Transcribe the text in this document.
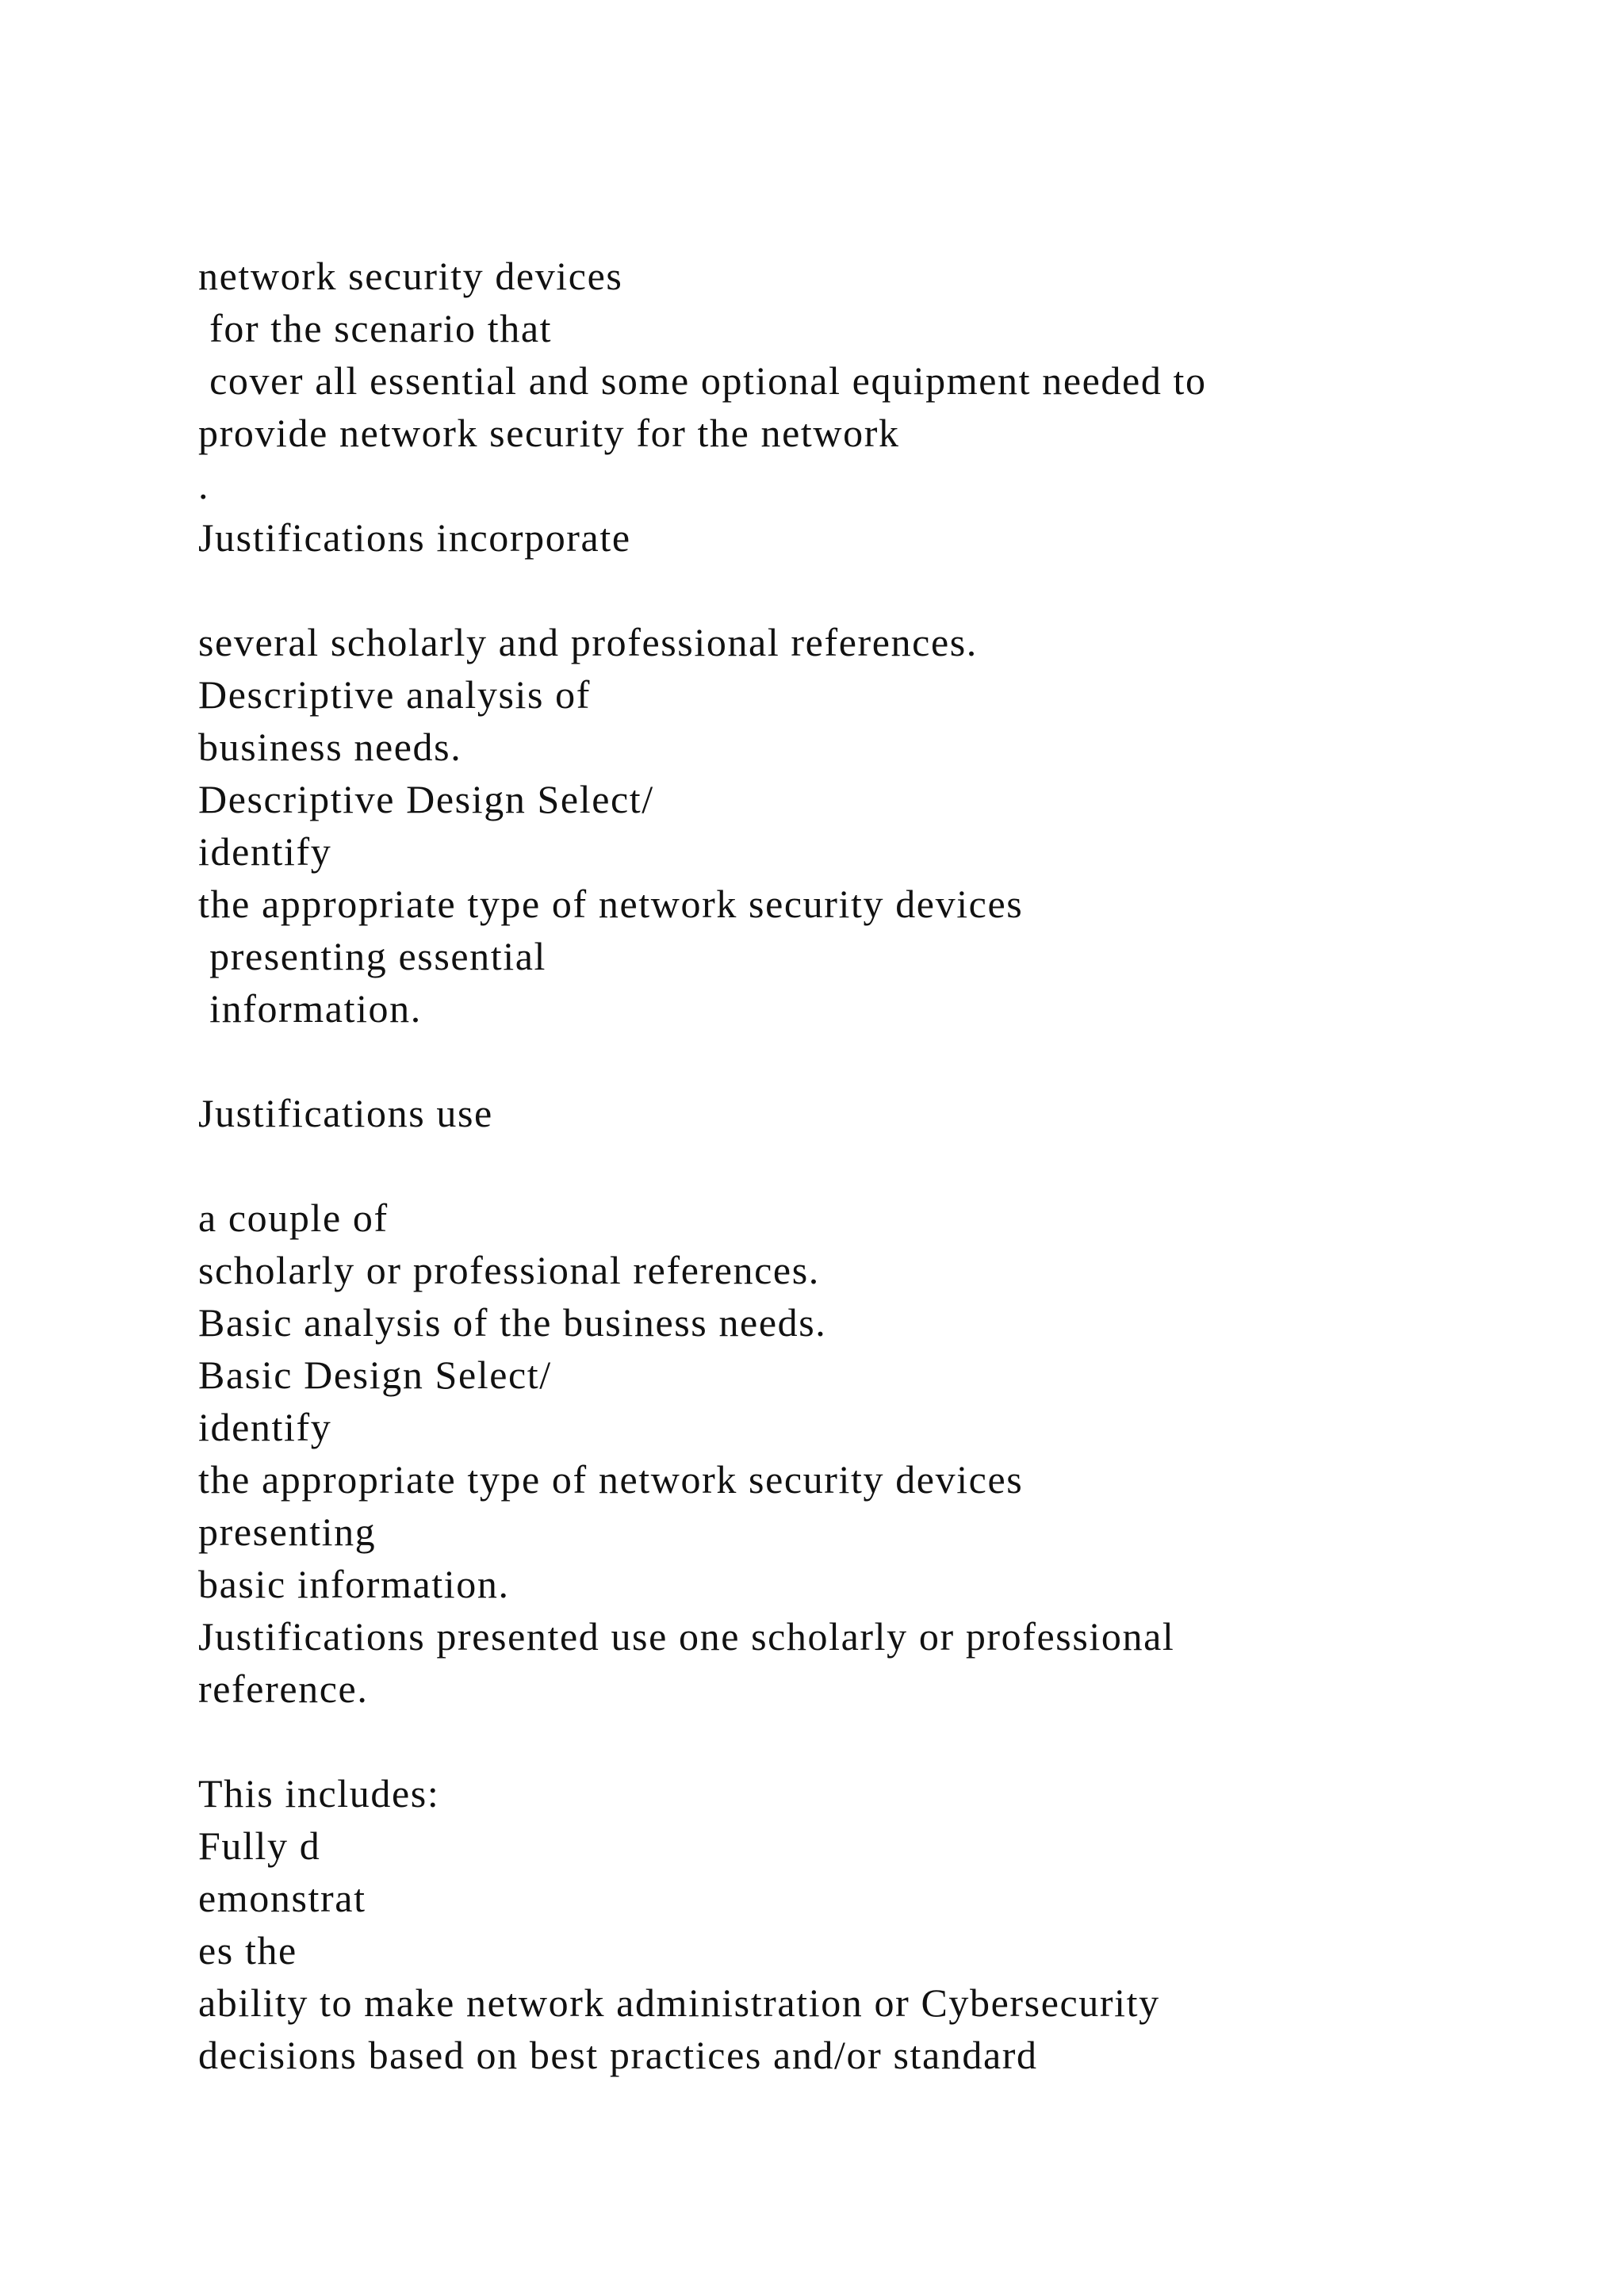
network security devices
for the scenario that
cover all essential and some optional equipment needed to
provide network security for the network
.
Justifications incorporate
several scholarly and professional references.
Descriptive analysis of
business needs.
Descriptive Design Select/
identify
the appropriate type of network security devices
presenting essential
information.
Justifications use
a couple of
scholarly or professional references.
Basic analysis of the business needs.
Basic Design Select/
identify
the appropriate type of network security devices
presenting
basic information.
Justifications presented use one scholarly or professional
reference.
This includes:
Fully d
emonstrat
es the
ability to make network administration or Cybersecurity
decisions based on best practices and/or standard
